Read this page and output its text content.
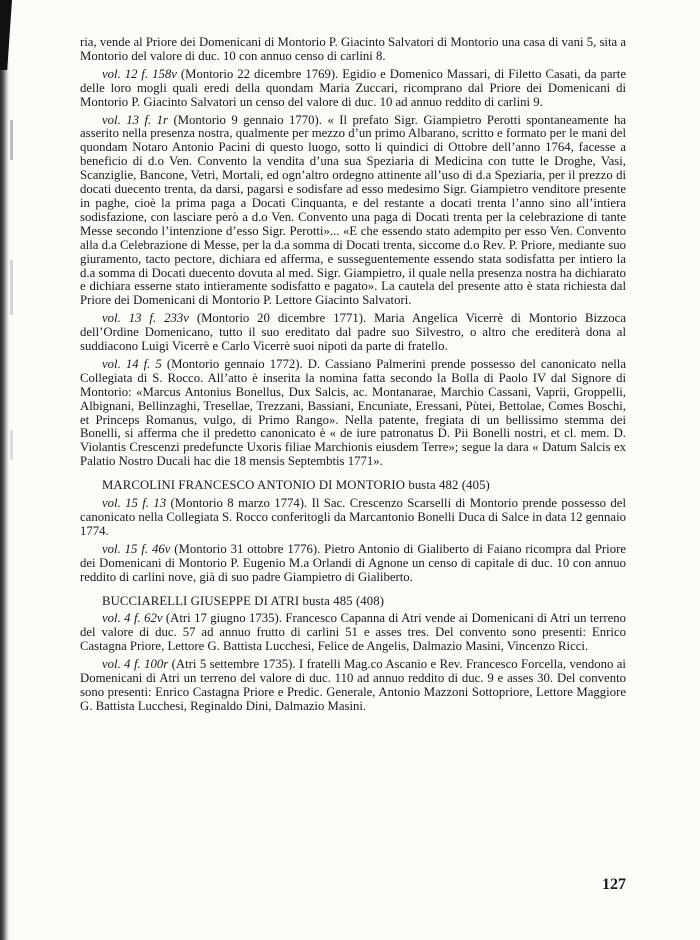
ria, vende al Priore dei Domenicani di Montorio P. Giacinto Salvatori di Montorio una casa di vani 5, sita a Montorio del valore di duc. 10 con annuo censo di carlini 8.

vol. 12 f. 158v (Montorio 22 dicembre 1769). Egidio e Domenico Massari, di Filetto Casati, da parte delle loro mogli quali eredi della quondam Maria Zuccari, ricomprano dal Priore dei Domenicani di Montorio P. Giacinto Salvatori un censo del valore di duc. 10 ad annuo reddito di carlini 9.

vol. 13 f. 1r (Montorio 9 gennaio 1770). « Il prefato Sigr. Giampietro Perotti spontaneamente ha asserito nella presenza nostra, qualmente per mezzo d’un primo Albarano, scritto e formato per le mani del quondam Notaro Antonio Pacini di questo luogo, sotto li quindici di Ottobre dell’anno 1764, facesse a beneficio di d.o Ven. Convento la vendita d’una sua Speziaria di Medicina con tutte le Droghe, Vasi, Scanziglie, Bancone, Vetri, Mortali, ed ogn’altro ordegno attinente all’uso di d.a Speziaria, per il prezzo di docati duecento trenta, da darsi, pagarsi e sodisfare ad esso medesimo Sigr. Giampietro venditore presente in paghe, cioè la prima paga a Docati Cinquanta, e del restante a docati trenta l’anno sino all’intiera sodisfazione, con lasciare però a d.o Ven. Convento una paga di Docati trenta per la celebrazione di tante Messe secondo l’intenzione d’esso Sigr. Perotti»... «E che essendo stato adempito per esso Ven. Convento alla d.a Celebrazione di Messe, per la d.a somma di Docati trenta, siccome d.o Rev. P. Priore, mediante suo giuramento, tacto pectore, dichiara ed afferma, e susseguentemente essendo stata sodisfatta per intiero la d.a somma di Docati duecento dovuta al med. Sigr. Giampietro, il quale nella presenza nostra ha dichiarato e dichiara esserne stato intieramente sodisfatto e pagato». La cautela del presente atto è stata richiesta dal Priore dei Domenicani di Montorio P. Lettore Giacinto Salvatori.

vol. 13 f. 233v (Montorio 20 dicembre 1771). Maria Angelica Vicerrè di Montorio Bizzoca dell’Ordine Domenicano, tutto il suo ereditato dal padre suo Silvestro, o altro che erediterà dona al suddiacono Luigi Vicerrè e Carlo Vicerrè suoi nipoti da parte di fratello.

vol. 14 f. 5 (Montorio gennaio 1772). D. Cassiano Palmerini prende possesso del canonicato nella Collegiata di S. Rocco. All’atto è inserita la nomina fatta secondo la Bolla di Paolo IV dal Signore di Montorio: «Marcus Antonius Bonellus, Dux Salcis, ac. Montanarae, Marchio Cassani, Vaprii, Groppelli, Albignani, Bellinzaghi, Tresellae, Trezzani, Bassiani, Encuniate, Eressani, Pùtei, Bettolae, Comes Boschi, et Princeps Romanus, vulgo, di Primo Rango». Nella patente, fregiata di un bellissimo stemma dei Bonelli, si afferma che il predetto canonicato è « de iure patronatus D. Pii Bonelli nostri, et cl. mem. D. Violantis Crescenzi predefuncte Uxoris filiae Marchionis eiusdem Terre»; segue la dara « Datum Salcis ex Palatio Nostro Ducali hac die 18 mensis Septembtis 1771».

MARCOLINI FRANCESCO ANTONIO DI MONTORIO busta 482 (405)

vol. 15 f. 13 (Montorio 8 marzo 1774). Il Sac. Crescenzo Scarselli di Montorio prende possesso del canonicato nella Collegiata S. Rocco conferitogli da Marcantonio Bonelli Duca di Salce in data 12 gennaio 1774.

vol. 15 f. 46v (Montorio 31 ottobre 1776). Pietro Antonio di Gialiberto di Faiano ricompra dal Priore dei Domenicani di Montorio P. Eugenio M.a Orlandi di Agnone un censo di capitale di duc. 10 con annuo reddito di carlini nove, già di suo padre Giampietro di Gialiberto.

BUCCIARELLI GIUSEPPE DI ATRI busta 485 (408)

vol. 4 f. 62v (Atri 17 giugno 1735). Francesco Capanna di Atri vende ai Domenicani di Atri un terreno del valore di duc. 57 ad annuo frutto di carlini 51 e asses tres. Del convento sono presenti: Enrico Castagna Priore, Lettore G. Battista Lucchesi, Felice de Angelis, Dalmazio Masini, Vincenzo Ricci.

vol. 4 f. 100r (Atri 5 settembre 1735). I fratelli Mag.co Ascanio e Rev. Francesco Forcella, vendono ai Domenicani di Atri un terreno del valore di duc. 110 ad annuo reddito di duc. 9 e asses 30. Del convento sono presenti: Enrico Castagna Priore e Predic. Generale, Antonio Mazzoni Sottopriore, Lettore Maggiore G. Battista Lucchesi, Reginaldo Dini, Dalmazio Masini.

127
